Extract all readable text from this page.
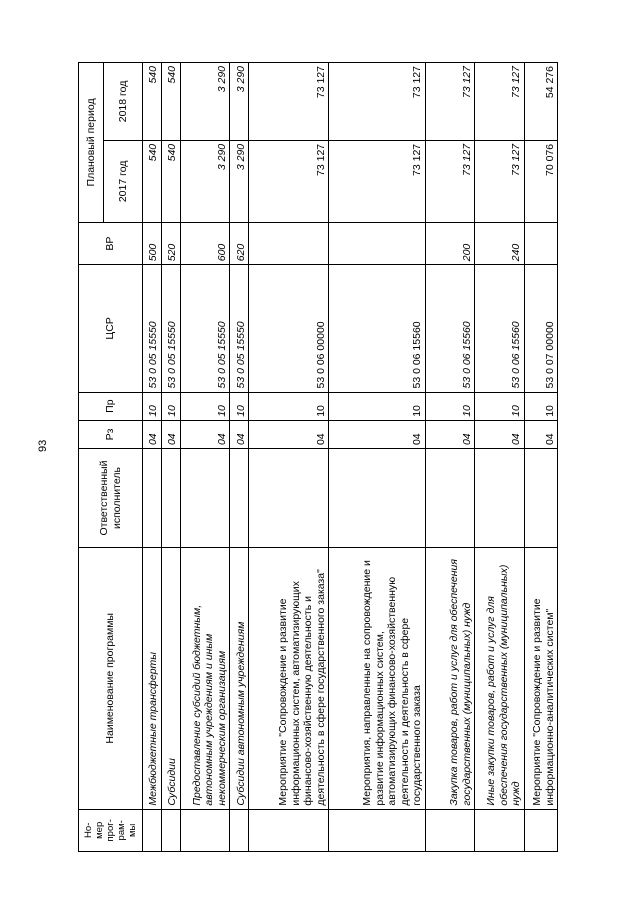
93
Но-
мер
прог-
рам-
мы	Наименование программы	Ответственный
исполнитель	Рз	Пр	ЦСР	ВР	Плановый период	
							2017 год	2018 год
	Межбюджетные трансферты		04	10	53 0 05 15550	500	540	540
	Субсидии		04	10	53 0 05 15550	520	540	540
	Предоставление субсидий бюджетным, автономным учреждениям и иным некоммерческим организациям		04	10	53 0 05 15550	600	3 290	3 290
	Субсидии автономным учреждениям		04	10	53 0 05 15550	620	3 290	3 290
	Мероприятие "Сопровождение и развитие информационных систем, автоматизирующих финансово-хозяйственную деятельность и деятельность в сфере государственного заказа"		04	10	53 0 06 00000		73 127	73 127
	Мероприятия, направленные на сопровождение и развитие информационных систем, автоматизирующих финансово-хозяйственную деятельность и деятельность в сфере государственного заказа		04	10	53 0 06 15560		73 127	73 127
	Закупка товаров, работ и услуг для обеспечения государственных (муниципальных) нужд		04	10	53 0 06 15560	200	73 127	73 127
	Иные закупки товаров, работ и услуг для обеспечения государственных (муниципальных) нужд		04	10	53 0 06 15560	240	73 127	73 127
	Мероприятие "Сопровождение и развитие информационно-аналитических систем"		04	10	53 0 07 00000		70 076	54 276
